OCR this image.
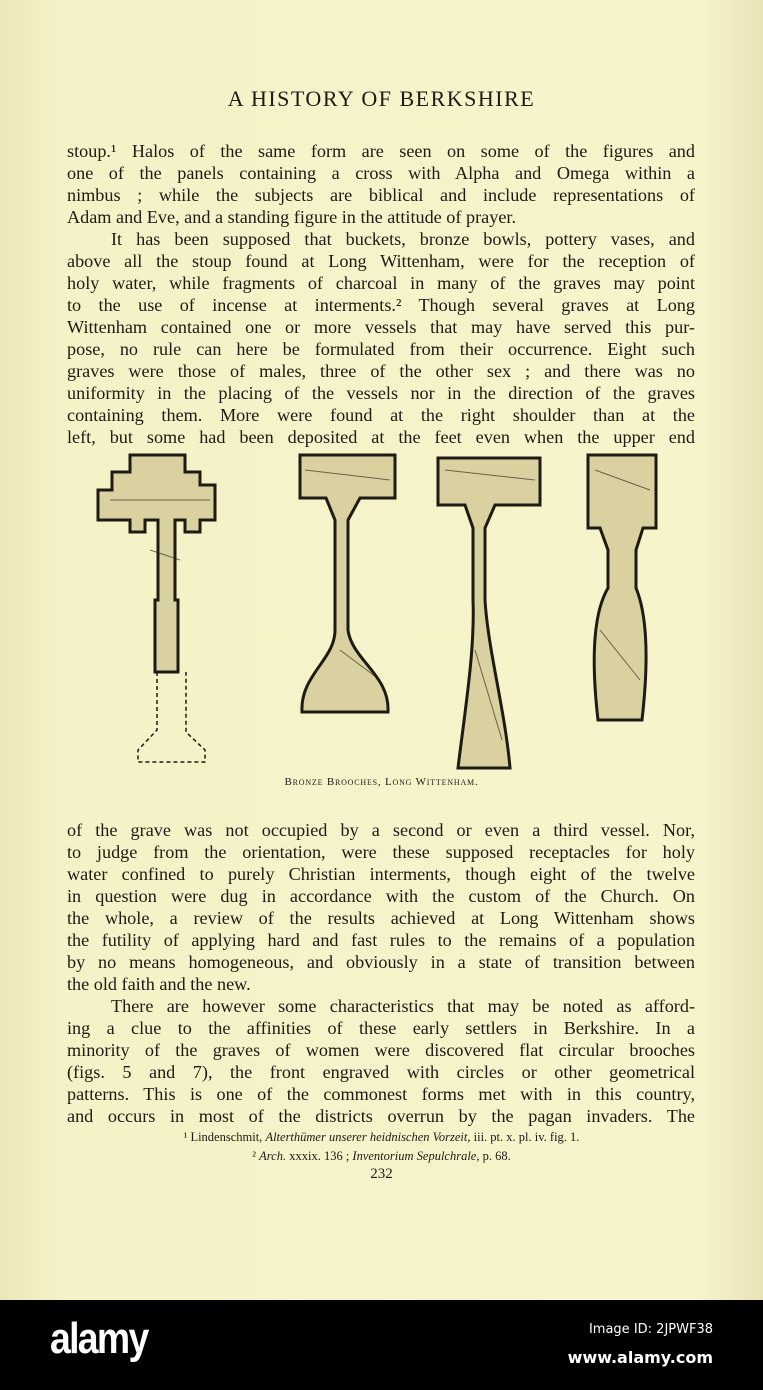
A HISTORY OF BERKSHIRE
stoup.¹ Halos of the same form are seen on some of the figures and
one of the panels containing a cross with Alpha and Omega within a
nimbus ; while the subjects are biblical and include representations of
Adam and Eve, and a standing figure in the attitude of prayer.
It has been supposed that buckets, bronze bowls, pottery vases, and
above all the stoup found at Long Wittenham, were for the reception of
holy water, while fragments of charcoal in many of the graves may point
to the use of incense at interments.² Though several graves at Long
Wittenham contained one or more vessels that may have served this pur-
pose, no rule can here be formulated from their occurrence. Eight such
graves were those of males, three of the other sex ; and there was no
uniformity in the placing of the vessels nor in the direction of the graves
containing them. More were found at the right shoulder than at the
left, but some had been deposited at the feet even when the upper end
Bronze Brooches, Long Wittenham.
of the grave was not occupied by a second or even a third vessel. Nor,
to judge from the orientation, were these supposed receptacles for holy
water confined to purely Christian interments, though eight of the twelve
in question were dug in accordance with the custom of the Church. On
the whole, a review of the results achieved at Long Wittenham shows
the futility of applying hard and fast rules to the remains of a population
by no means homogeneous, and obviously in a state of transition between
the old faith and the new.
There are however some characteristics that may be noted as afford-
ing a clue to the affinities of these early settlers in Berkshire. In a
minority of the graves of women were discovered flat circular brooches
(figs. 5 and 7), the front engraved with circles or other geometrical
patterns. This is one of the commonest forms met with in this country,
and occurs in most of the districts overrun by the pagan invaders. The
¹ Lindenschmit, Alterthümer unserer heidnischen Vorzeit, iii. pt. x. pl. iv. fig. 1.
² Arch. xxxix. 136 ; Inventorium Sepulchrale, p. 68.
232
alamy	Image ID: 2JPWF38
www.alamy.com
